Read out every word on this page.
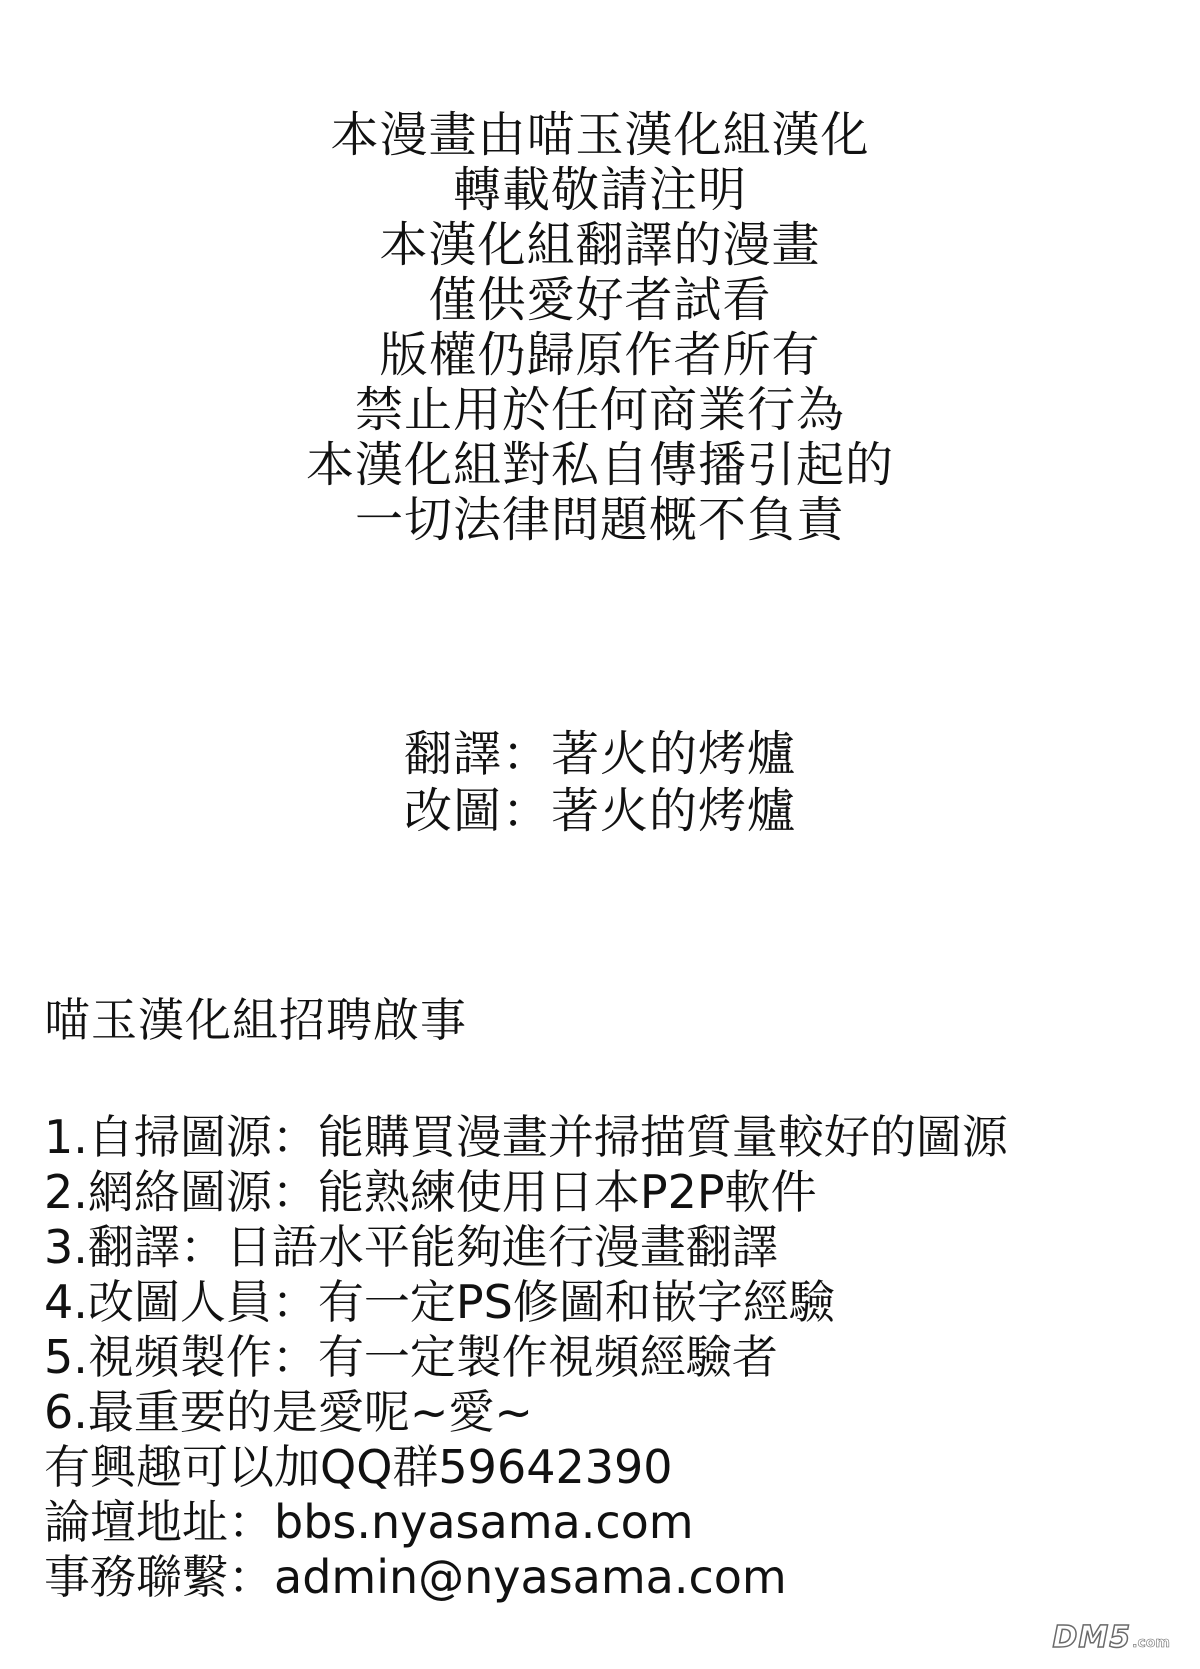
本漫畫由喵玉漢化組漢化
轉載敬請注明
本漢化組翻譯的漫畫
僅供愛好者試看
版權仍歸原作者所有
禁止用於任何商業行為
本漢化組對私自傳播引起的
一切法律問題概不負責
翻譯：著火的烤爐
改圖：著火的烤爐
喵玉漢化組招聘啟事
1.自掃圖源：能購買漫畫并掃描質量較好的圖源
2.網絡圖源：能熟練使用日本P2P軟件
3.翻譯：日語水平能夠進行漫畫翻譯
4.改圖人員：有一定PS修圖和嵌字經驗
5.視頻製作：有一定製作視頻經驗者
6.最重要的是愛呢~愛~
有興趣可以加QQ群59642390
論壇地址：bbs.nyasama.com
事務聯繫：admin@nyasama.com
DM5 .com
